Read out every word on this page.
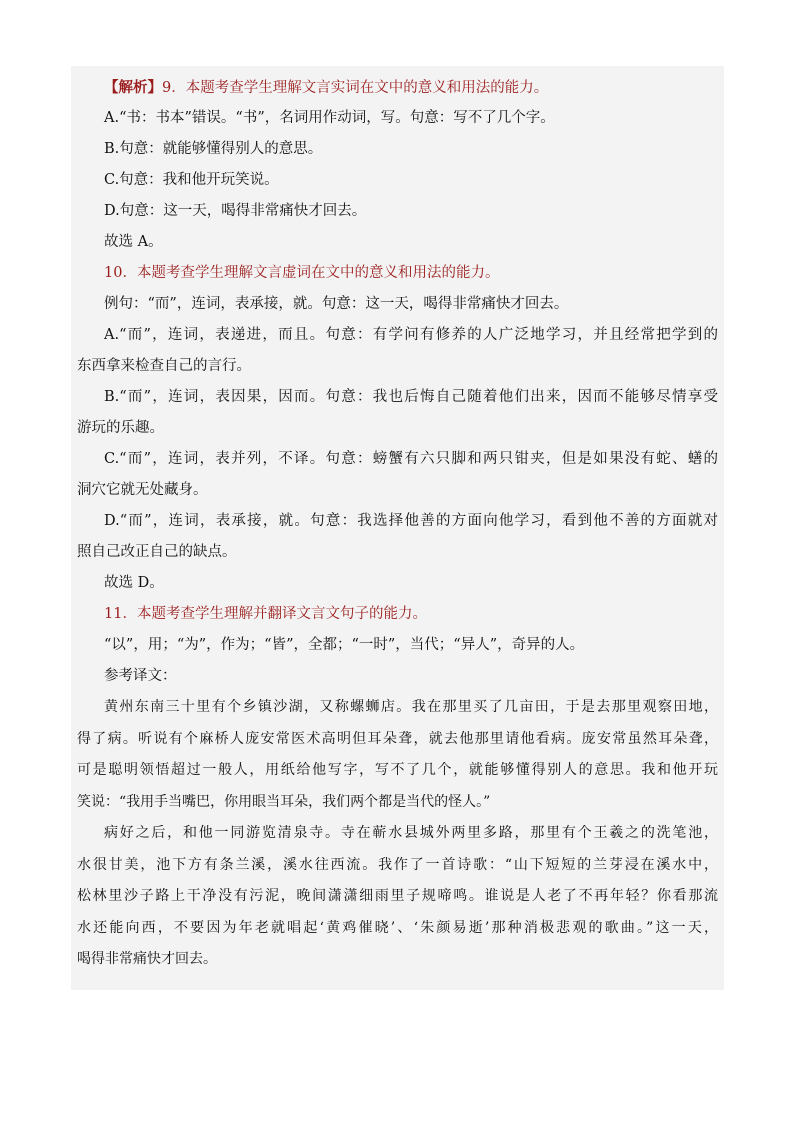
【解析】9．本题考查学生理解文言实词在文中的意义和用法的能力。
A.“书：书本”错误。“书”，名词用作动词，写。句意：写不了几个字。
B.句意：就能够懂得别人的意思。
C.句意：我和他开玩笑说。
D.句意：这一天，喝得非常痛快才回去。
故选 A。
10．本题考查学生理解文言虚词在文中的意义和用法的能力。
例句：“而”，连词，表承接，就。句意：这一天，喝得非常痛快才回去。
A.“而”，连词，表递进，而且。句意：有学问有修养的人广泛地学习，并且经常把学到的
东西拿来检查自己的言行。
B.“而”，连词，表因果，因而。句意：我也后悔自己随着他们出来，因而不能够尽情享受
游玩的乐趣。
C.“而”，连词，表并列，不译。句意：螃蟹有六只脚和两只钳夹，但是如果没有蛇、蟮的
洞穴它就无处藏身。
D.“而”，连词，表承接，就。句意：我选择他善的方面向他学习，看到他不善的方面就对
照自己改正自己的缺点。
故选 D。
11．本题考查学生理解并翻译文言文句子的能力。
“以”，用；“为”，作为；“皆”，全都；“一时”，当代；“异人”，奇异的人。
参考译文：
黄州东南三十里有个乡镇沙湖，又称螺蛳店。我在那里买了几亩田，于是去那里观察田地，
得了病。听说有个麻桥人庞安常医术高明但耳朵聋，就去他那里请他看病。庞安常虽然耳朵聋，
可是聪明领悟超过一般人，用纸给他写字，写不了几个，就能够懂得别人的意思。我和他开玩
笑说：“我用手当嘴巴，你用眼当耳朵，我们两个都是当代的怪人。”
病好之后，和他一同游览清泉寺。寺在蕲水县城外两里多路，那里有个王羲之的洗笔池，
水很甘美，池下方有条兰溪，溪水往西流。我作了一首诗歌：“山下短短的兰芽浸在溪水中，
松林里沙子路上干净没有污泥，晚间潇潇细雨里子规啼鸣。谁说是人老了不再年轻？你看那流
水还能向西，不要因为年老就唱起‘黄鸡催晓’、‘朱颜易逝’那种消极悲观的歌曲。”这一天，
喝得非常痛快才回去。
